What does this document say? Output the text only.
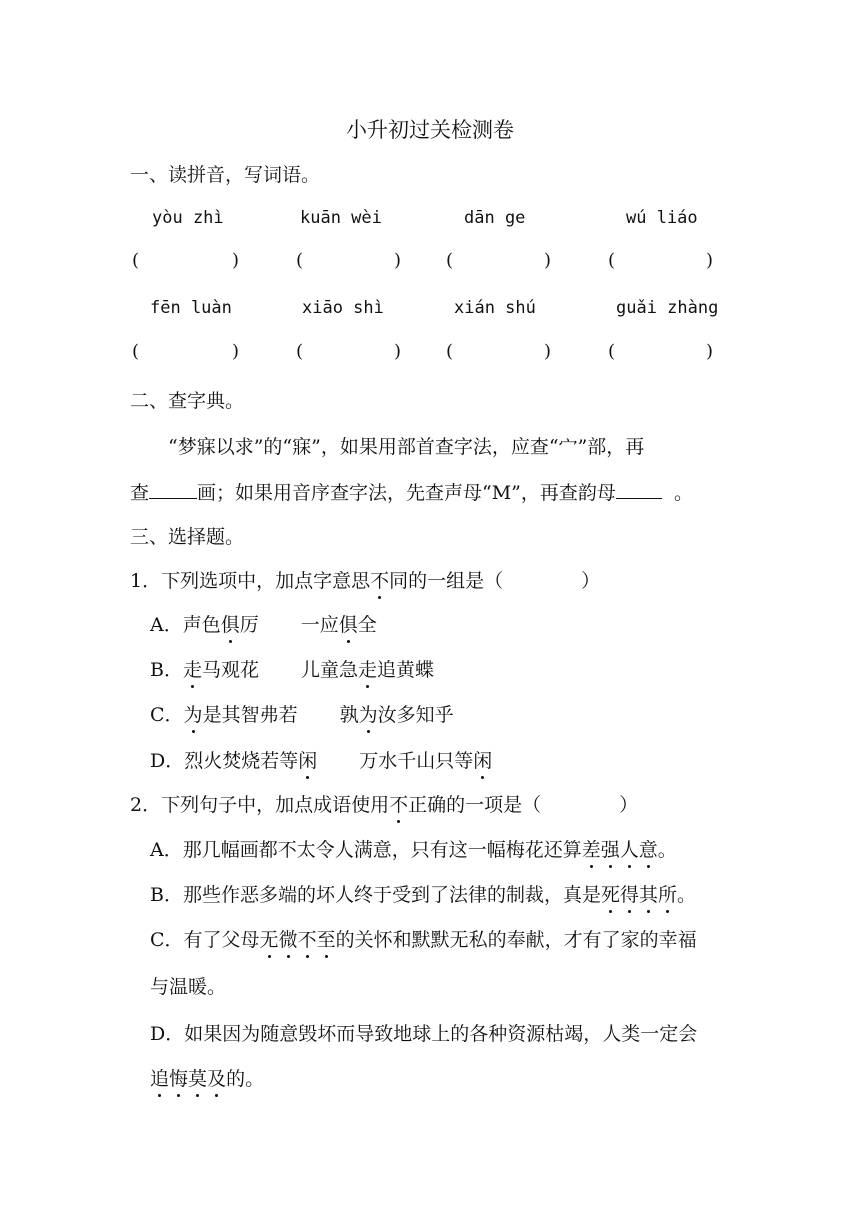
小升初过关检测卷
一、读拼音，写词语。
yòu zhì	kuān wèi	dān ge	wú liáo
(	)	(	) (	)	(	)
fēn luàn	xiāo shì	xián shú	guǎi zhàng
(	)	(	) (	)	(	)
二、查字典。
“梦寐以求”的“寐”，如果用部首查字法，应查“宀”部，再
查	画；如果用音序查字法，先查声母“M”，再查韵母	。
三、选择题。
1．下列选项中，加点字意思不同的一组是（	）
A．声色俱厉 一应俱全
B．走马观花 儿童急走追黄蝶
C．为是其智弗若 孰为汝多知乎
D．烈火焚烧若等闲 万水千山只等闲
2．下列句子中，加点成语使用不正确的一项是（	）
A．那几幅画都不太令人满意，只有这一幅梅花还算差强人意。
B．那些作恶多端的坏人终于受到了法律的制裁，真是死得其所。
C．有了父母无微不至的关怀和默默无私的奉献，才有了家的幸福
与温暖。
D．如果因为随意毁坏而导致地球上的各种资源枯竭，人类一定会
追悔莫及的。
